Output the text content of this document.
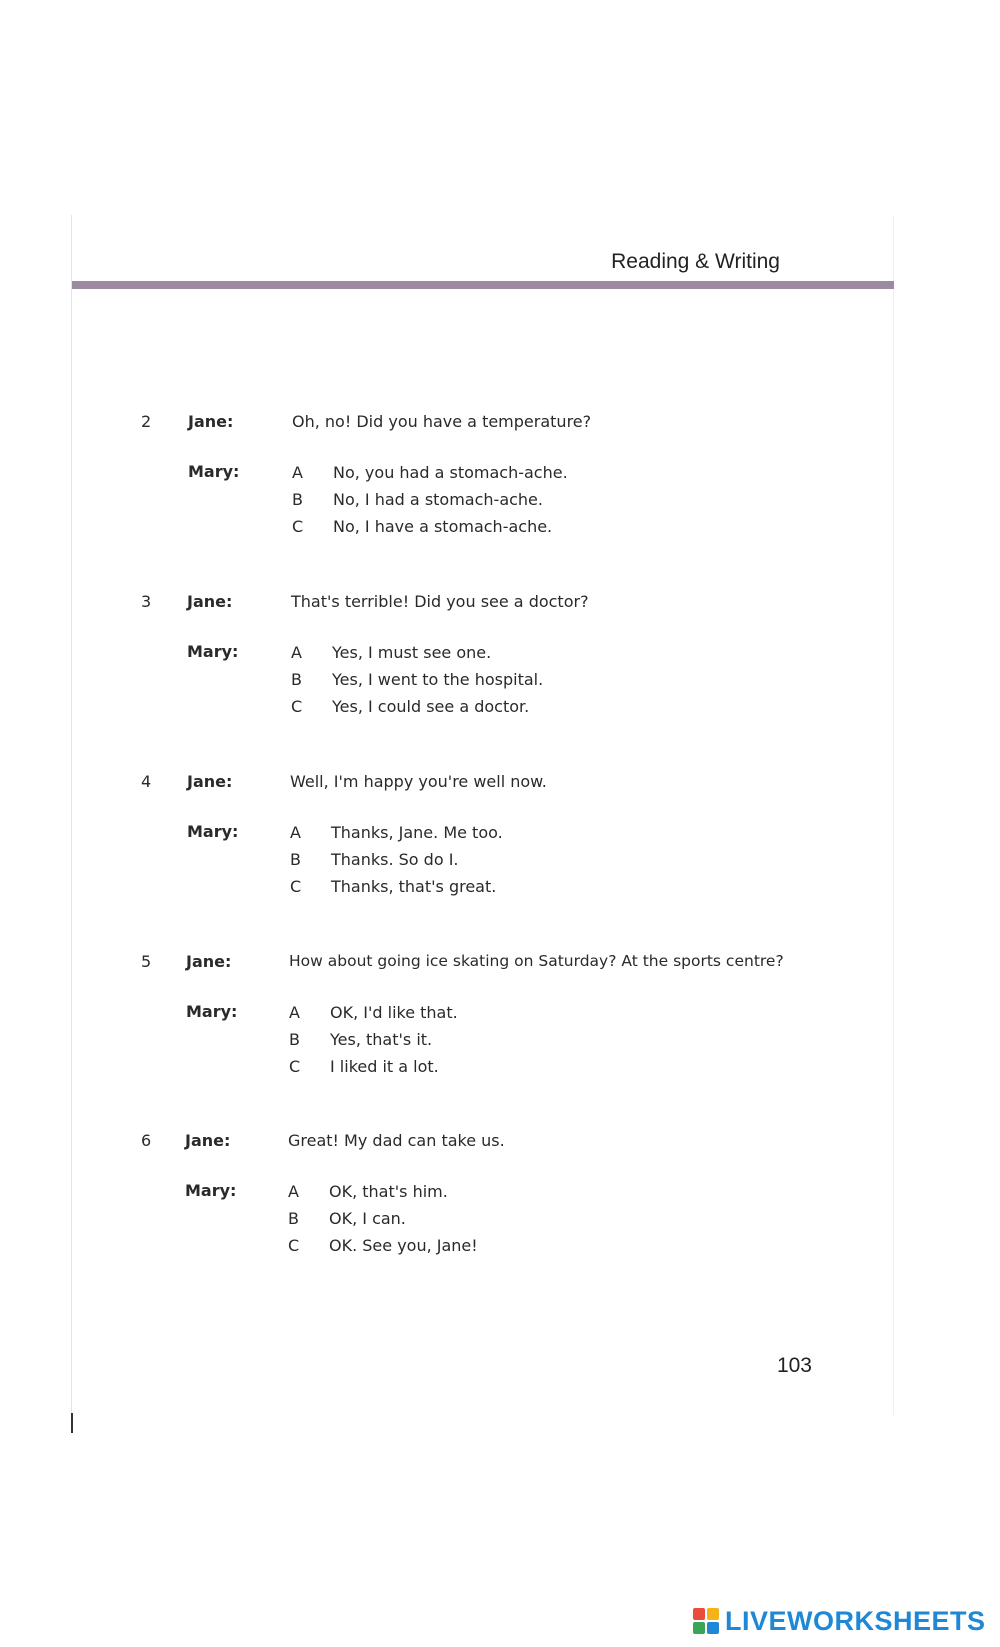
Reading & Writing
2 Jane:	Oh, no! Did you have a temperature?
Mary:	A No, you had a stomach-ache.
B No, I had a stomach-ache.
C No, I have a stomach-ache.
3 Jane:	That's terrible! Did you see a doctor?
Mary:	A Yes, I must see one.
B Yes, I went to the hospital.
C Yes, I could see a doctor.
4 Jane:	Well, I'm happy you're well now.
Mary:	A Thanks, Jane. Me too.
B Thanks. So do I.
C Thanks, that's great.
5 Jane:	How about going ice skating on Saturday? At the sports centre?
Mary:	A OK, I'd like that.
B Yes, that's it.
C I liked it a lot.
6 Jane:	Great! My dad can take us.
Mary:	A OK, that's him.
B OK, I can.
C OK. See you, Jane!
103
LIVEWORKSHEETS
